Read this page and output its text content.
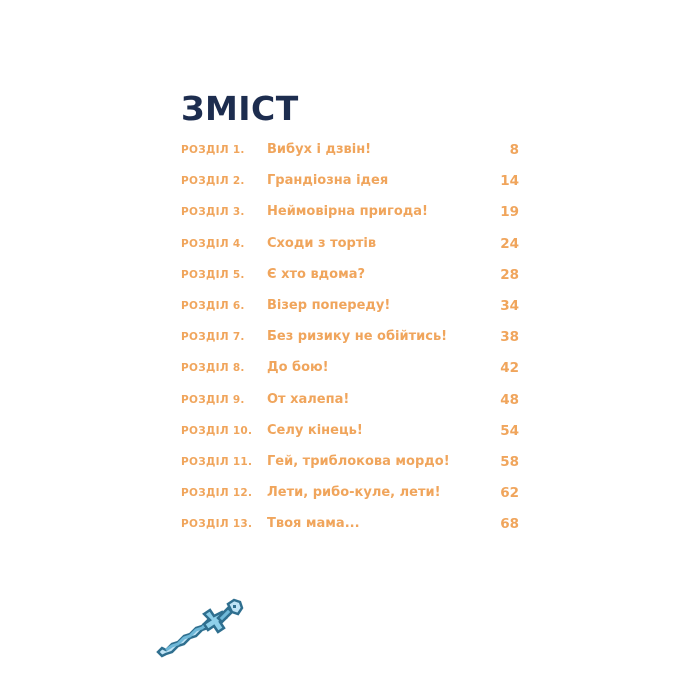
ЗМІСТ
РОЗДІЛ 1. Вибух і дзвін!	8
РОЗДІЛ 2. Грандіозна ідея	14
РОЗДІЛ 3. Неймовірна пригода!	19
РОЗДІЛ 4. Сходи з тортів	24
РОЗДІЛ 5. Є хто вдома?	28
РОЗДІЛ 6. Візер попереду!	34
РОЗДІЛ 7. Без ризику не обійтись!	38
РОЗДІЛ 8. До бою!	42
РОЗДІЛ 9. От халепа!	48
РОЗДІЛ 10. Селу кінець!	54
РОЗДІЛ 11. Гей, триблокова мордо!	58
РОЗДІЛ 12. Лети, рибо-куле, лети!	62
РОЗДІЛ 13. Твоя мама...	68
